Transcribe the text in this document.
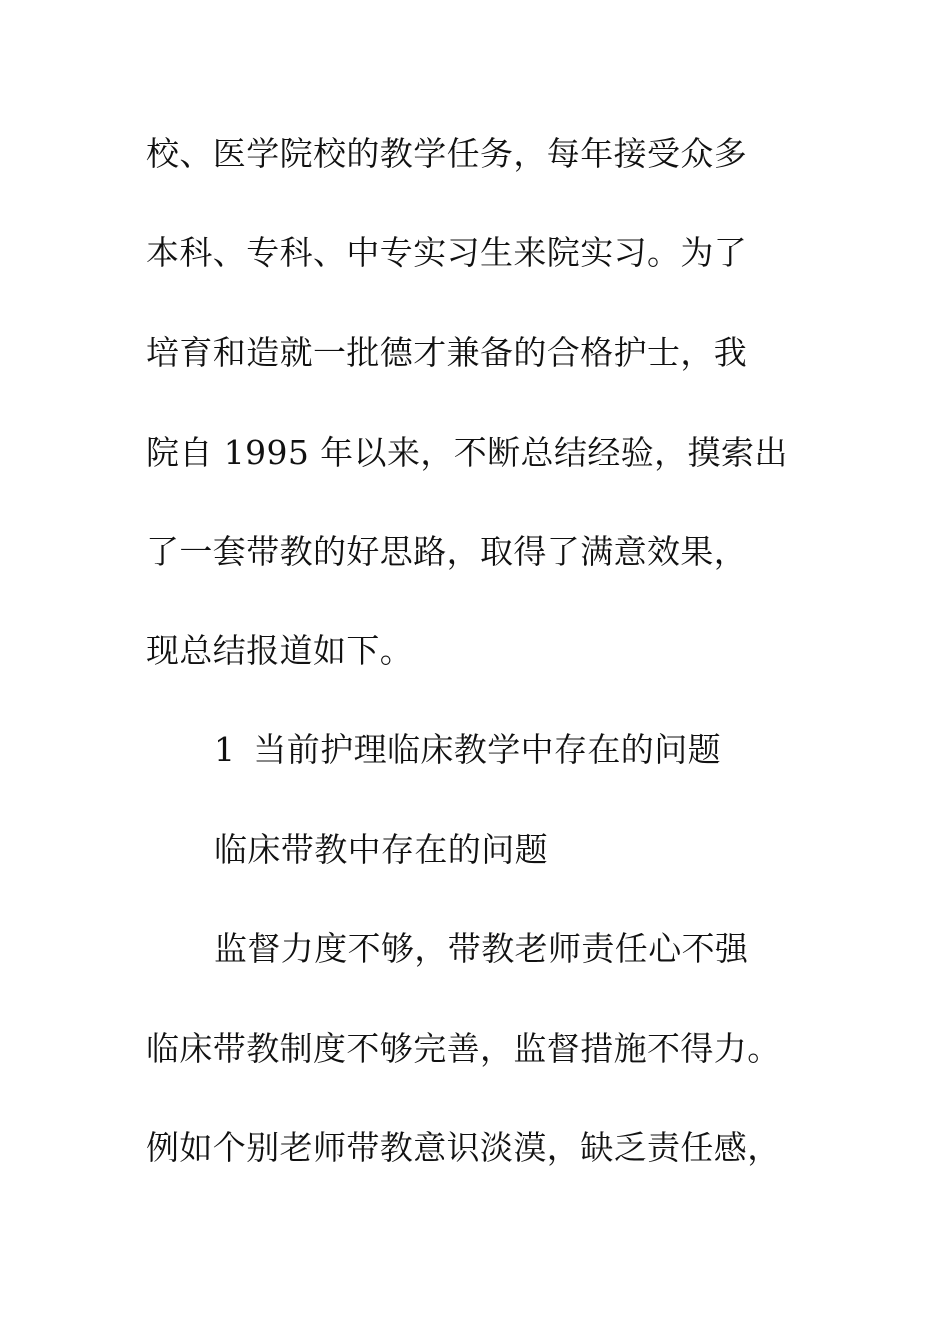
校、医学院校的教学任务，每年接受众多
本科、专科、中专实习生来院实习。为了
培育和造就一批德才兼备的合格护士，我
院自 1995 年以来，不断总结经验，摸索出
了一套带教的好思路，取得了满意效果，
现总结报道如下。
1 当前护理临床教学中存在的问题
临床带教中存在的问题
监督力度不够，带教老师责任心不强
临床带教制度不够完善，监督措施不得力。
例如个别老师带教意识淡漠，缺乏责任感，
